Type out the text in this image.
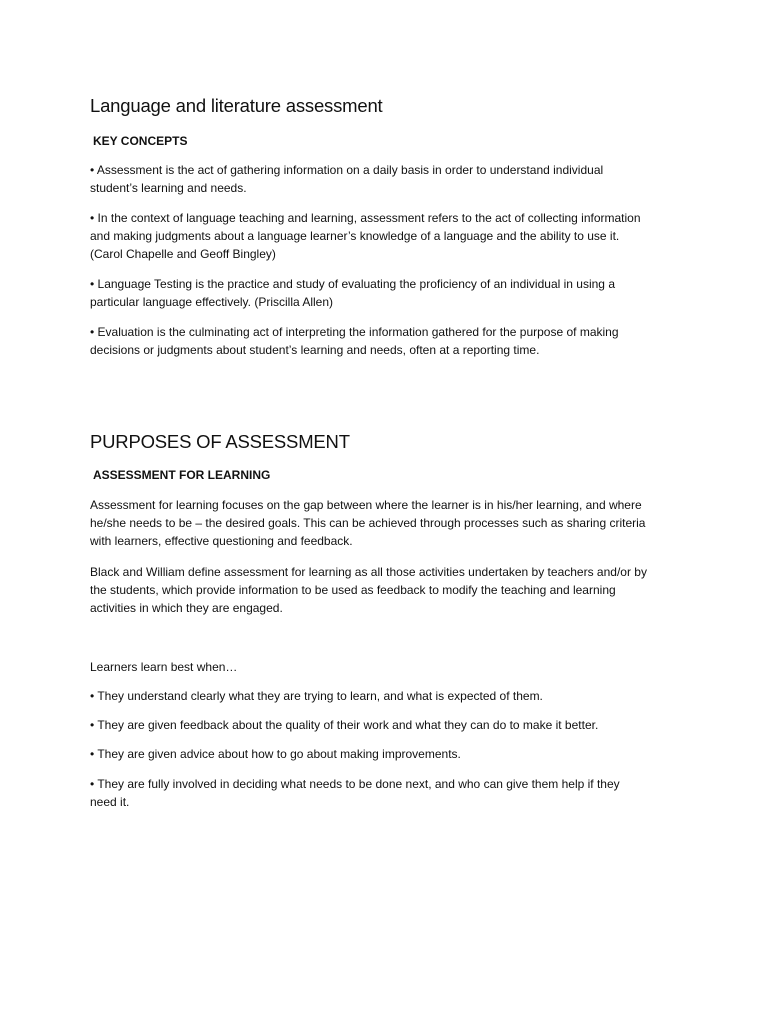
Language and literature assessment
KEY CONCEPTS

• Assessment is the act of gathering information on a daily basis in order to understand individual
student’s learning and needs.

• In the context of language teaching and learning, assessment refers to the act of collecting information
and making judgments about a language learner’s knowledge of a language and the ability to use it.
(Carol Chapelle and Geoff Bingley)

• Language Testing is the practice and study of evaluating the proficiency of an individual in using a
particular language effectively. (Priscilla Allen)

• Evaluation is the culminating act of interpreting the information gathered for the purpose of making
decisions or judgments about student’s learning and needs, often at a reporting time.

PURPOSES OF ASSESSMENT
ASSESSMENT FOR LEARNING

Assessment for learning focuses on the gap between where the learner is in his/her learning, and where
he/she needs to be – the desired goals. This can be achieved through processes such as sharing criteria
with learners, effective questioning and feedback.

Black and William define assessment for learning as all those activities undertaken by teachers and/or by
the students, which provide information to be used as feedback to modify the teaching and learning
activities in which they are engaged.

Learners learn best when…

• They understand clearly what they are trying to learn, and what is expected of them.

• They are given feedback about the quality of their work and what they can do to make it better.

• They are given advice about how to go about making improvements.

• They are fully involved in deciding what needs to be done next, and who can give them help if they
need it.
